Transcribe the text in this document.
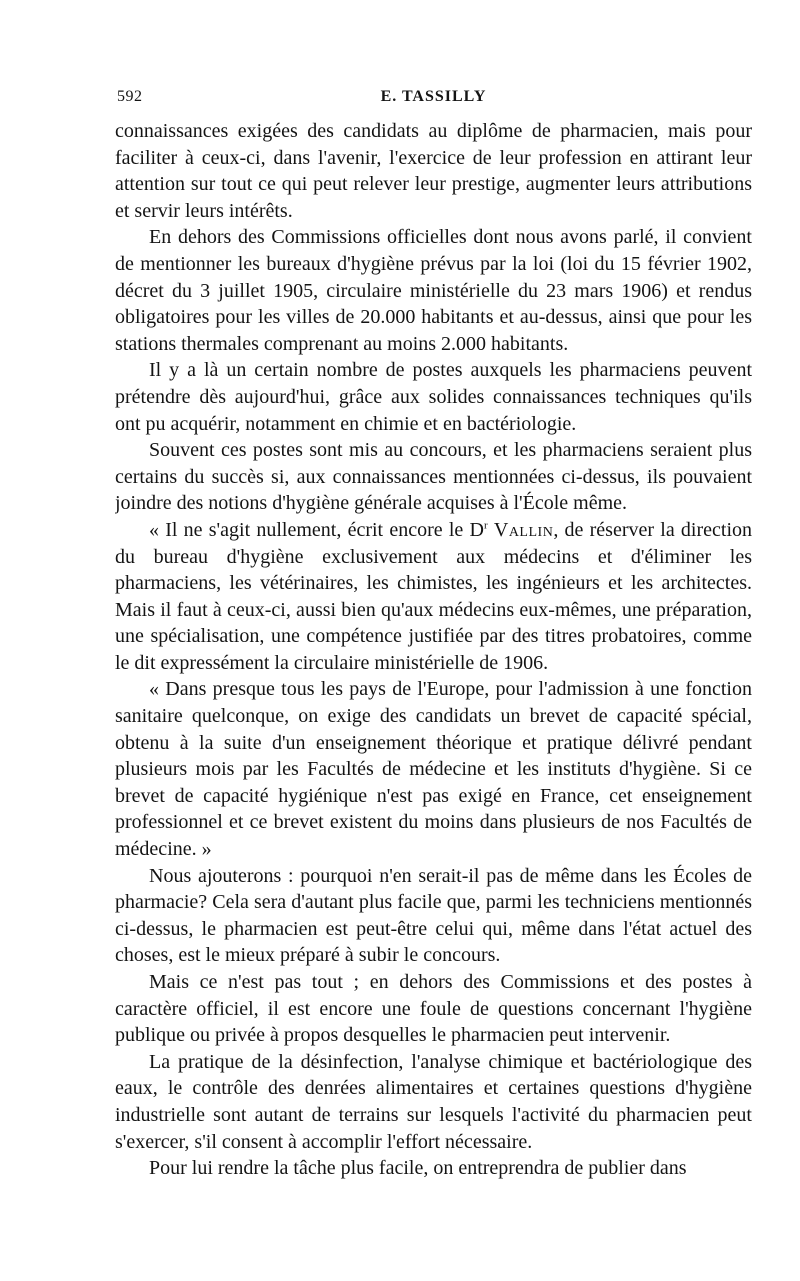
592	E. TASSILLY

connaissances exigées des candidats au diplôme de pharmacien, mais pour faciliter à ceux-ci, dans l'avenir, l'exercice de leur profession en attirant leur attention sur tout ce qui peut relever leur prestige, augmenter leurs attributions et servir leurs intérêts.

En dehors des Commissions officielles dont nous avons parlé, il convient de mentionner les bureaux d'hygiène prévus par la loi (loi du 15 février 1902, décret du 3 juillet 1905, circulaire ministérielle du 23 mars 1906) et rendus obligatoires pour les villes de 20.000 habitants et au-dessus, ainsi que pour les stations thermales comprenant au moins 2.000 habitants.

Il y a là un certain nombre de postes auxquels les pharmaciens peuvent prétendre dès aujourd'hui, grâce aux solides connaissances techniques qu'ils ont pu acquérir, notamment en chimie et en bactériologie.

Souvent ces postes sont mis au concours, et les pharmaciens seraient plus certains du succès si, aux connaissances mentionnées ci-dessus, ils pouvaient joindre des notions d'hygiène générale acquises à l'École même.

« Il ne s'agit nullement, écrit encore le $D^r$ Vallin, de réserver la direction du bureau d'hygiène exclusivement aux médecins et d'éliminer les pharmaciens, les vétérinaires, les chimistes, les ingénieurs et les architectes. Mais il faut à ceux-ci, aussi bien qu'aux médecins eux-mêmes, une préparation, une spécialisation, une compétence justifiée par des titres probatoires, comme le dit expressément la circulaire ministérielle de 1906.

« Dans presque tous les pays de l'Europe, pour l'admission à une fonction sanitaire quelconque, on exige des candidats un brevet de capacité spécial, obtenu à la suite d'un enseignement théorique et pratique délivré pendant plusieurs mois par les Facultés de médecine et les instituts d'hygiène. Si ce brevet de capacité hygiénique n'est pas exigé en France, cet enseignement professionnel et ce brevet existent du moins dans plusieurs de nos Facultés de médecine. »

Nous ajouterons : pourquoi n'en serait-il pas de même dans les Écoles de pharmacie? Cela sera d'autant plus facile que, parmi les techniciens mentionnés ci-dessus, le pharmacien est peut-être celui qui, même dans l'état actuel des choses, est le mieux préparé à subir le concours.

Mais ce n'est pas tout ; en dehors des Commissions et des postes à caractère officiel, il est encore une foule de questions concernant l'hygiène publique ou privée à propos desquelles le pharmacien peut intervenir.

La pratique de la désinfection, l'analyse chimique et bactériologique des eaux, le contrôle des denrées alimentaires et certaines questions d'hygiène industrielle sont autant de terrains sur lesquels l'activité du pharmacien peut s'exercer, s'il consent à accomplir l'effort nécessaire.

Pour lui rendre la tâche plus facile, on entreprendra de publier dans
